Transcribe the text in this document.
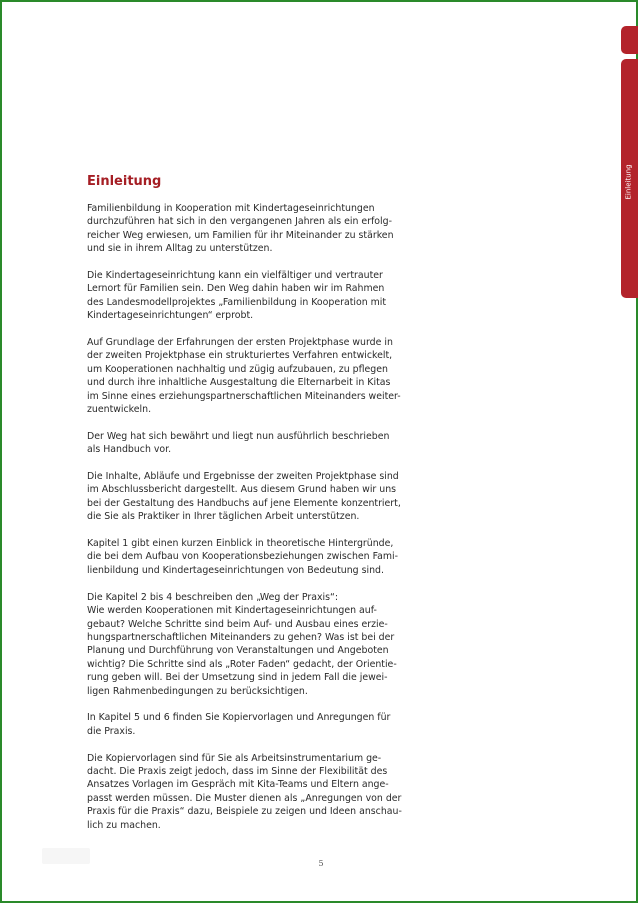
Einleitung
Einleitung

Familienbildung in Kooperation mit Kindertageseinrichtungen
durchzuführen hat sich in den vergangenen Jahren als ein erfolg-
reicher Weg erwiesen, um Familien für ihr Miteinander zu stärken
und sie in ihrem Alltag zu unterstützen.

Die Kindertageseinrichtung kann ein vielfältiger und vertrauter
Lernort für Familien sein. Den Weg dahin haben wir im Rahmen
des Landesmodellprojektes „Familienbildung in Kooperation mit
Kindertageseinrichtungen“ erprobt.

Auf Grundlage der Erfahrungen der ersten Projektphase wurde in
der zweiten Projektphase ein strukturiertes Verfahren entwickelt,
um Kooperationen nachhaltig und zügig aufzubauen, zu pflegen
und durch ihre inhaltliche Ausgestaltung die Elternarbeit in Kitas
im Sinne eines erziehungspartnerschaftlichen Miteinanders weiter-
zuentwickeln.

Der Weg hat sich bewährt und liegt nun ausführlich beschrieben
als Handbuch vor.

Die Inhalte, Abläufe und Ergebnisse der zweiten Projektphase sind
im Abschlussbericht dargestellt. Aus diesem Grund haben wir uns
bei der Gestaltung des Handbuchs auf jene Elemente konzentriert,
die Sie als Praktiker in Ihrer täglichen Arbeit unterstützen.

Kapitel 1 gibt einen kurzen Einblick in theoretische Hintergründe,
die bei dem Aufbau von Kooperationsbeziehungen zwischen Fami-
lienbildung und Kindertageseinrichtungen von Bedeutung sind.

Die Kapitel 2 bis 4 beschreiben den „Weg der Praxis“:
Wie werden Kooperationen mit Kindertageseinrichtungen auf-
gebaut? Welche Schritte sind beim Auf- und Ausbau eines erzie-
hungspartnerschaftlichen Miteinanders zu gehen? Was ist bei der
Planung und Durchführung von Veranstaltungen und Angeboten
wichtig? Die Schritte sind als „Roter Faden“ gedacht, der Orientie-
rung geben will. Bei der Umsetzung sind in jedem Fall die jewei-
ligen Rahmenbedingungen zu berücksichtigen.

In Kapitel 5 und 6 finden Sie Kopiervorlagen und Anregungen für
die Praxis.

Die Kopiervorlagen sind für Sie als Arbeitsinstrumentarium ge-
dacht. Die Praxis zeigt jedoch, dass im Sinne der Flexibilität des
Ansatzes Vorlagen im Gespräch mit Kita-Teams und Eltern ange-
passt werden müssen. Die Muster dienen als „Anregungen von der
Praxis für die Praxis“ dazu, Beispiele zu zeigen und Ideen anschau-
lich zu machen.

5
